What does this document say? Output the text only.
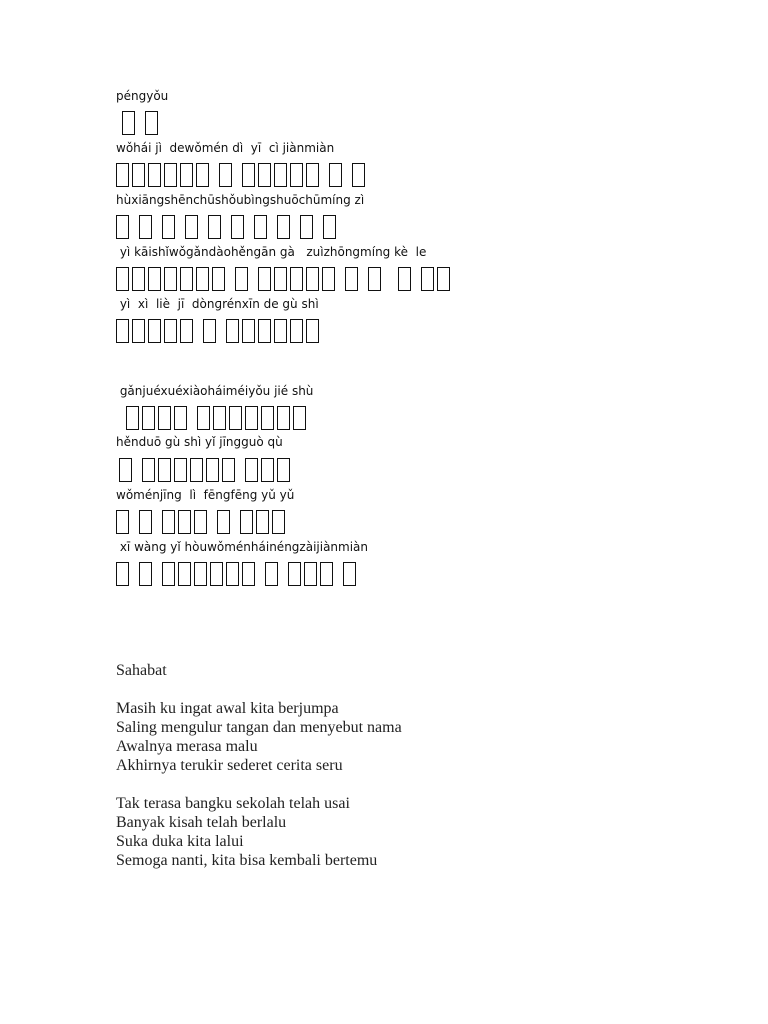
péngyǒu
wǒhái jì  dewǒmén dì  yī  cì jiànmiàn
hùxiāngshēnchūshǒubìngshuōchūmíng zì
yì kāishǐwǒgǎndàohěngān gà   zuìzhōngmíng kè  le
yì  xì  liè  jī  dònɡrénxīn de gù shì
gǎnjuéxuéxiàoháiméiyǒu jié shù
hěnduō gù shì yǐ jīngguò qù
wǒménjīng  lì  fēngfēng yǔ yǔ
xī wàng yǐ hòuwǒménháinéngzàijiànmiàn
Sahabat
Masih ku ingat awal kita berjumpa
Saling mengulur tangan dan menyebut nama
Awalnya merasa malu
Akhirnya terukir sederet cerita seru
Tak terasa bangku sekolah telah usai
Banyak kisah telah berlalu
Suka duka kita lalui
Semoga nanti, kita bisa kembali bertemu
